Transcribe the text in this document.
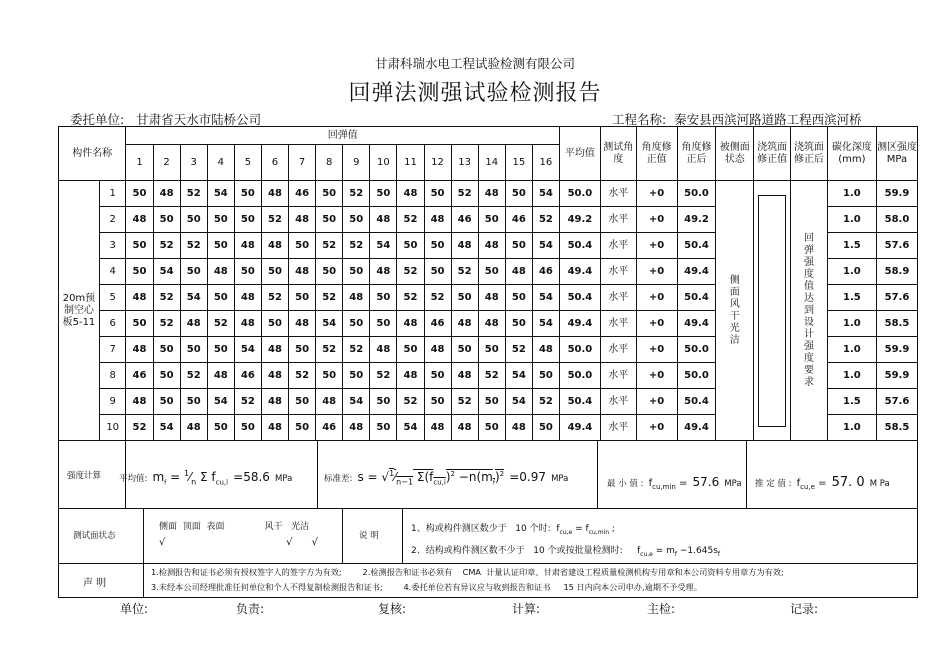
甘肃科瑞水电工程试验检测有限公司
回弹法测强试验检测报告
委托单位: 甘肃省天水市陆桥公司	工程名称: 秦安县西滨河路道路工程西滨河桥
构件名称		回弹值																平均值	测试角度	角度修正值	角度修正后	被侧面状态	浇筑面修正值	浇筑面修正后	碳化深度(mm)	测区强度MPa
		1	2	3	4	5	6	7	8	9	10	11	12	13	14	15	16									
20m预制空心板5-11	1	50	48	52	54	50	48	46	50	52	50	48	50	52	48	50	54	50.0	水平	+0	50.0	侧面风干光洁		回弹强度值达到设计强度要求	1.0	59.9
	2	48	50	50	50	50	52	48	50	50	48	52	48	46	50	46	52	49.2	水平	+0	49.2				1.0	58.0
	3	50	52	52	50	48	48	50	52	52	54	50	50	48	48	50	54	50.4	水平	+0	50.4				1.5	57.6
	4	50	54	50	48	50	50	48	50	50	48	52	50	52	50	48	46	49.4	水平	+0	49.4				1.0	58.9
	5	48	52	54	50	48	52	50	52	48	50	52	52	50	48	50	54	50.4	水平	+0	50.4				1.5	57.6
	6	50	52	48	52	48	50	48	54	50	50	48	46	48	48	50	54	49.4	水平	+0	49.4				1.0	58.5
	7	48	50	50	50	54	48	50	52	52	48	50	48	50	50	52	48	50.0	水平	+0	50.0				1.0	59.9
	8	46	50	52	48	46	48	52	50	50	52	48	50	48	52	54	50	50.0	水平	+0	50.0				1.0	59.9
	9	48	50	50	54	52	48	50	48	54	50	52	50	52	50	54	52	50.4	水平	+0	50.4				1.5	57.6
	10	52	54	48	50	50	48	50	46	48	50	54	48	48	50	48	50	49.4	水平	+0	49.4				1.0	58.5
强度计算 平均值: $m_f$ = $^1⁄_n$ Σ $f_{cu,i} =58.6$ MPa	标准差: $s = √^1⁄_{n-1}$ $\Sigma(f_{cu,i})^2 -n(m_f)^2 =0.97$ MPa	最 小 值 : $f_{cu,min} = 57.6$ MPa 推 定 值 : $f_{cu,e} = 57$. 0 M Pa
测试面状态
侧面  顶面  表面              风干   光洁
√                                      √      √
说 明
1、构或构件测区数少于   10 个时:  $f_{cu,e} = f_{cu,min}$ ;
2、结构或构件测区数不少于   10 个或按批量检测时:     $f_{cu,e} = m_f -1.645s_f$
声 明
1.检测报告和证书必须有授权签字人的签字方为有效;        2.检测报告和证书必须有    CMA  计量认证印章、甘肃省建设工程质量检测机构专用章和本公司资料专用章方为有效;
3.未经本公司经理批准任何单位和个人不得复制检测报告和证书;        4.委托单位若有异议应与收到报告和证书     15 日内向本公司申办,逾期不予受理。
单位:	负责:	复核:	计算:	主检:	记录:
